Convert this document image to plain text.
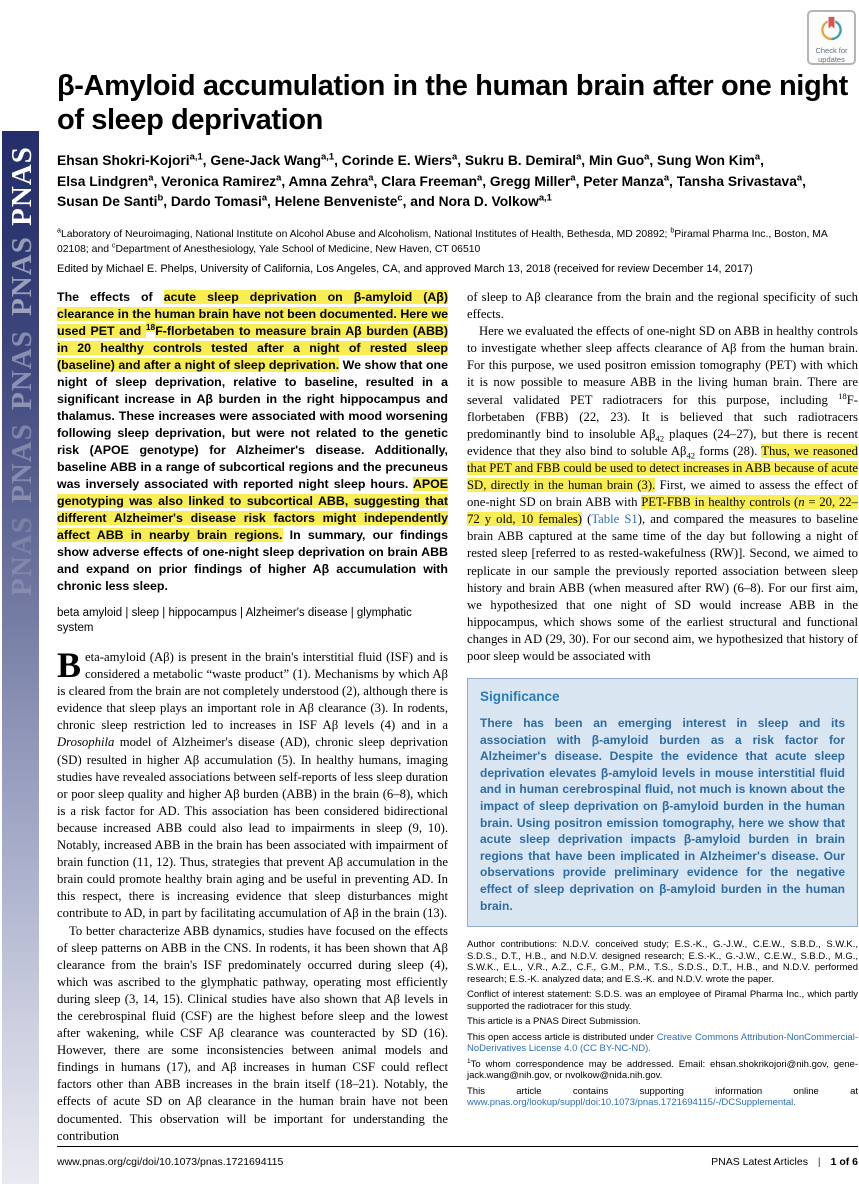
PNAS
PNAS
PNAS
PNAS
PNAS
Check for
updates
β-Amyloid accumulation in the human brain after one night of sleep deprivation
Ehsan Shokri-Kojori$^{a,1}$, Gene-Jack Wang$^{a,1}$, Corinde E. Wiers$^a$, Sukru B. Demiral$^a$, Min Guo$^a$, Sung Won Kim$^a$,
Elsa Lindgren$^a$, Veronica Ramirez$^a$, Amna Zehra$^a$, Clara Freeman$^a$, Gregg Miller$^a$, Peter Manza$^a$, Tansha Srivastava$^a$,
Susan De Santi$^b$, Dardo Tomasi$^a$, Helene Benveniste$^c$, and Nora D. Volkow$^{a,1}$
$^a$Laboratory of Neuroimaging, National Institute on Alcohol Abuse and Alcoholism, National Institutes of Health, Bethesda, MD 20892; $^b$Piramal Pharma Inc., Boston, MA 02108; and $^c$Department of Anesthesiology, Yale School of Medicine, New Haven, CT 06510
Edited by Michael E. Phelps, University of California, Los Angeles, CA, and approved March 13, 2018 (received for review December 14, 2017)
The effects of acute sleep deprivation on β-amyloid (Aβ) clearance in the human brain have not been documented. Here we used PET and $^{18}$F-florbetaben to measure brain Aβ burden (ABB) in 20 healthy controls tested after a night of rested sleep (baseline) and after a night of sleep deprivation. We show that one night of sleep deprivation, relative to baseline, resulted in a significant increase in Aβ burden in the right hippocampus and thalamus. These increases were associated with mood worsening following sleep deprivation, but were not related to the genetic risk (APOE genotype) for Alzheimer's disease. Additionally, baseline ABB in a range of subcortical regions and the precuneus was inversely associated with reported night sleep hours. APOE genotyping was also linked to subcortical ABB, suggesting that different Alzheimer's disease risk factors might independently affect ABB in nearby brain regions. In summary, our findings show adverse effects of one-night sleep deprivation on brain ABB and expand on prior findings of higher Aβ accumulation with chronic less sleep.
beta amyloid | sleep | hippocampus | Alzheimer's disease | glymphatic system
Beta-amyloid (Aβ) is present in the brain's interstitial fluid (ISF) and is considered a metabolic “waste product” (1). Mechanisms by which Aβ is cleared from the brain are not completely understood (2), although there is evidence that sleep plays an important role in Aβ clearance (3). In rodents, chronic sleep restriction led to increases in ISF Aβ levels (4) and in a Drosophila model of Alzheimer's disease (AD), chronic sleep deprivation (SD) resulted in higher Aβ accumulation (5). In healthy humans, imaging studies have revealed associations between self-reports of less sleep duration or poor sleep quality and higher Aβ burden (ABB) in the brain (6–8), which is a risk factor for AD. This association has been considered bidirectional because increased ABB could also lead to impairments in sleep (9, 10). Notably, increased ABB in the brain has been associated with impairment of brain function (11, 12). Thus, strategies that prevent Aβ accumulation in the brain could promote healthy brain aging and be useful in preventing AD. In this respect, there is increasing evidence that sleep disturbances might contribute to AD, in part by facilitating accumulation of Aβ in the brain (13).

To better characterize ABB dynamics, studies have focused on the effects of sleep patterns on ABB in the CNS. In rodents, it has been shown that Aβ clearance from the brain's ISF predominately occurred during sleep (4), which was ascribed to the glymphatic pathway, operating most efficiently during sleep (3, 14, 15). Clinical studies have also shown that Aβ levels in the cerebrospinal fluid (CSF) are the highest before sleep and the lowest after wakening, while CSF Aβ clearance was counteracted by SD (16). However, there are some inconsistencies between animal models and findings in humans (17), and Aβ increases in human CSF could reflect factors other than ABB increases in the brain itself (18–21). Notably, the effects of acute SD on Aβ clearance in the human brain have not been documented. This observation will be important for understanding the contribution

of sleep to Aβ clearance from the brain and the regional specificity of such effects.

Here we evaluated the effects of one-night SD on ABB in healthy controls to investigate whether sleep affects clearance of Aβ from the human brain. For this purpose, we used positron emission tomography (PET) with which it is now possible to measure ABB in the living human brain. There are several validated PET radiotracers for this purpose, including $^{18}$F-florbetaben (FBB) (22, 23). It is believed that such radiotracers predominantly bind to insoluble $A\beta_{42}$ plaques (24–27), but there is recent evidence that they also bind to soluble $A\beta_{42}$ forms (28). Thus, we reasoned that PET and FBB could be used to detect increases in ABB because of acute SD, directly in the human brain (3). First, we aimed to assess the effect of one-night SD on brain ABB with PET-FBB in healthy controls (n = 20, 22–72 y old, 10 females) (Table S1), and compared the measures to baseline brain ABB captured at the same time of the day but following a night of rested sleep [referred to as rested-wakefulness (RW)]. Second, we aimed to replicate in our sample the previously reported association between sleep history and brain ABB (when measured after RW) (6–8). For our first aim, we hypothesized that one night of SD would increase ABB in the hippocampus, which shows some of the earliest structural and functional changes in AD (29, 30). For our second aim, we hypothesized that history of poor sleep would be associated with

Significance
There has been an emerging interest in sleep and its association with β-amyloid burden as a risk factor for Alzheimer's disease. Despite the evidence that acute sleep deprivation elevates β-amyloid levels in mouse interstitial fluid and in human cerebrospinal fluid, not much is known about the impact of sleep deprivation on β-amyloid burden in the human brain. Using positron emission tomography, here we show that acute sleep deprivation impacts β-amyloid burden in brain regions that have been implicated in Alzheimer's disease. Our observations provide preliminary evidence for the negative effect of sleep deprivation on β-amyloid burden in the human brain.

Author contributions: N.D.V. conceived study; E.S.-K., G.-J.W., C.E.W., S.B.D., S.W.K., S.D.S., D.T., H.B., and N.D.V. designed research; E.S.-K., G.-J.W., C.E.W., S.B.D., M.G., S.W.K., E.L., V.R., A.Z., C.F., G.M., P.M., T.S., S.D.S., D.T., H.B., and N.D.V. performed research; E.S.-K. analyzed data; and E.S.-K. and N.D.V. wrote the paper.

Conflict of interest statement: S.D.S. was an employee of Piramal Pharma Inc., which partly supported the radiotracer for this study.

This article is a PNAS Direct Submission.

This open access article is distributed under Creative Commons Attribution-NonCommercial-NoDerivatives License 4.0 (CC BY-NC-ND).

$^1$To whom correspondence may be addressed. Email: ehsan.shokrikojori@nih.gov, gene-jack.wang@nih.gov, or nvolkow@nida.nih.gov.

This article contains supporting information online at www.pnas.org/lookup/suppl/doi:10.1073/pnas.1721694115/-/DCSupplemental.

www.pnas.org/cgi/doi/10.1073/pnas.1721694115	PNAS Latest Articles | 1 of 6
